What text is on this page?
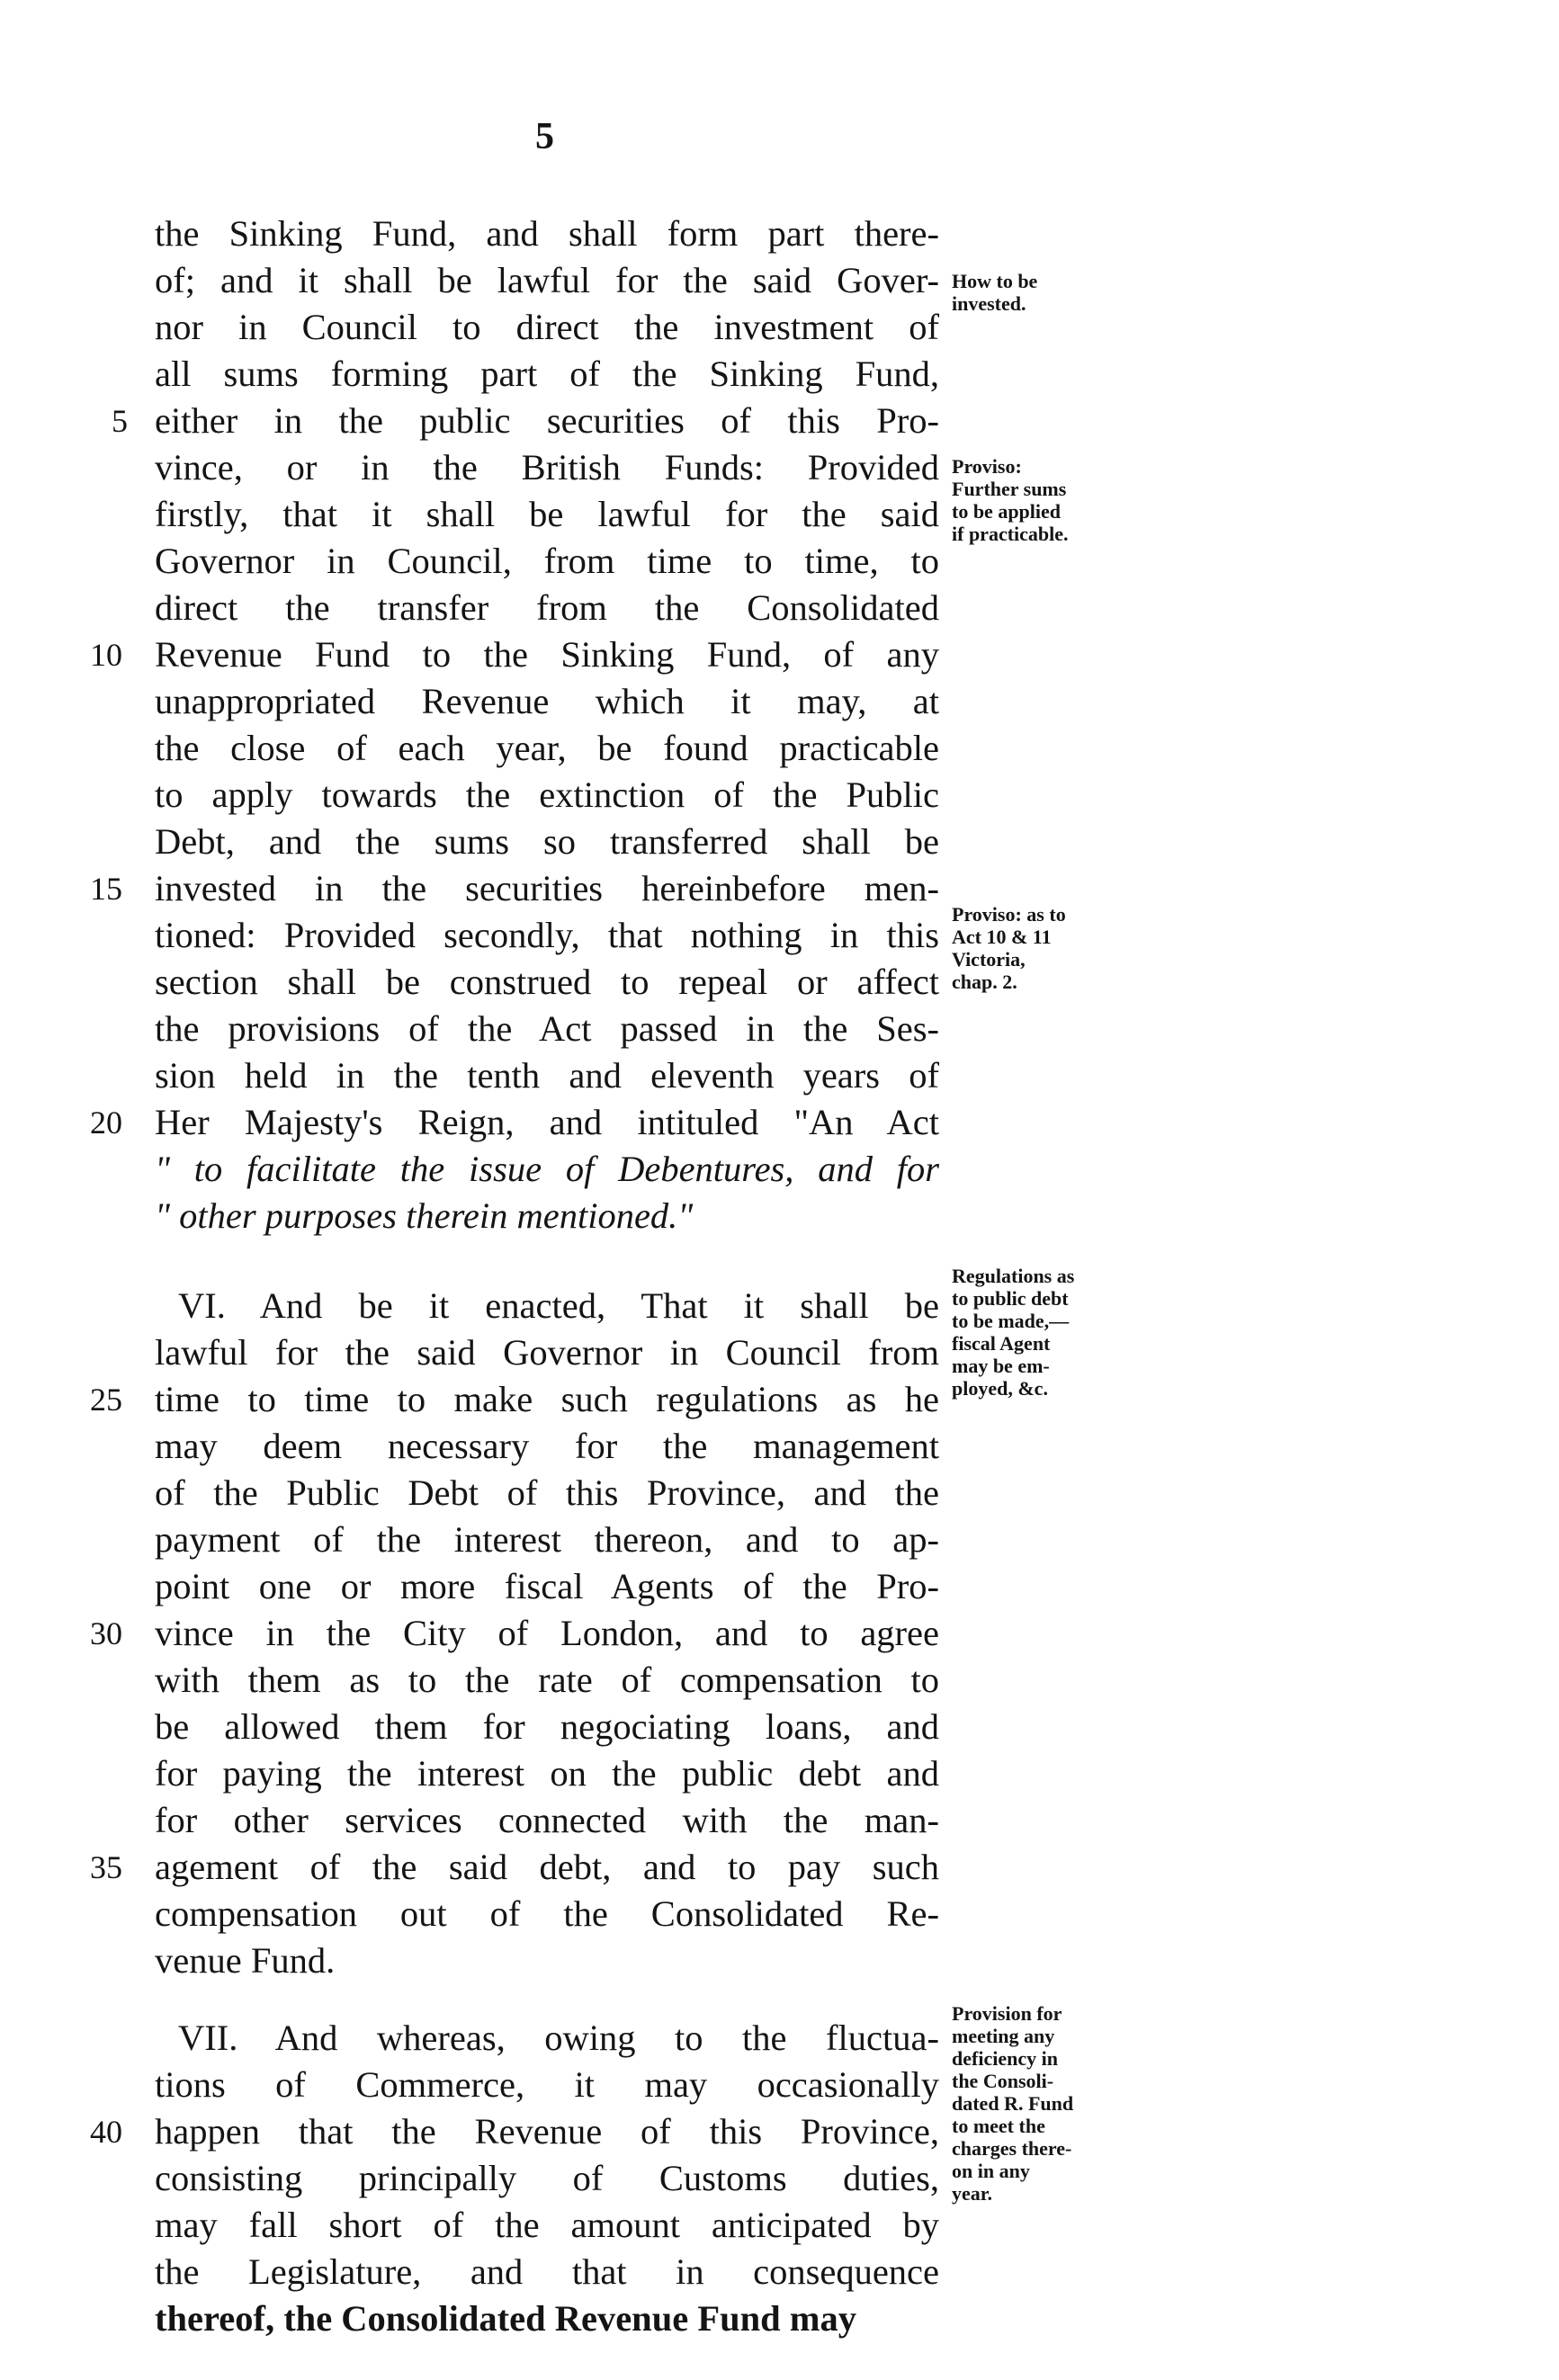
5
the Sinking Fund, and shall form part there-
of; and it shall be lawful for the said Gover-
nor in Council to direct the investment of
all sums forming part of the Sinking Fund,
either in the public securities of this Pro-
vince, or in the British Funds: Provided
firstly, that it shall be lawful for the said
Governor in Council, from time to time, to
direct the transfer from the Consolidated
Revenue Fund to the Sinking Fund, of any
unappropriated Revenue which it may, at
the close of each year, be found practicable
to apply towards the extinction of the Public
Debt, and the sums so transferred shall be
invested in the securities hereinbefore men-
tioned: Provided secondly, that nothing in this
section shall be construed to repeal or affect
the provisions of the Act passed in the Ses-
sion held in the tenth and eleventh years of
Her Majesty's Reign, and intituled "An Act
" to facilitate the issue of Debentures, and for
" other purposes therein mentioned."
VI. And be it enacted, That it shall be
lawful for the said Governor in Council from
time to time to make such regulations as he
may deem necessary for the management
of the Public Debt of this Province, and the
payment of the interest thereon, and to ap-
point one or more fiscal Agents of the Pro-
vince in the City of London, and to agree
with them as to the rate of compensation to
be allowed them for negociating loans, and
for paying the interest on the public debt and
for other services connected with the man-
agement of the said debt, and to pay such
compensation out of the Consolidated Re-
venue Fund.
VII. And whereas, owing to the fluctua-
tions of Commerce, it may occasionally
happen that the Revenue of this Province,
consisting principally of Customs duties,
may fall short of the amount anticipated by
the Legislature, and that in consequence
thereof, the Consolidated Revenue Fund may
5
10
15
20
25
30
35
40
How to be
invested.
Proviso:
Further sums
to be applied
if practicable.
Proviso: as to
Act 10 & 11
Victoria,
chap. 2.
Regulations as
to public debt
to be made,—
fiscal Agent
may be em-
ployed, &c.
Provision for
meeting any
deficiency in
the Consoli-
dated R. Fund
to meet the
charges there-
on in any
year.
